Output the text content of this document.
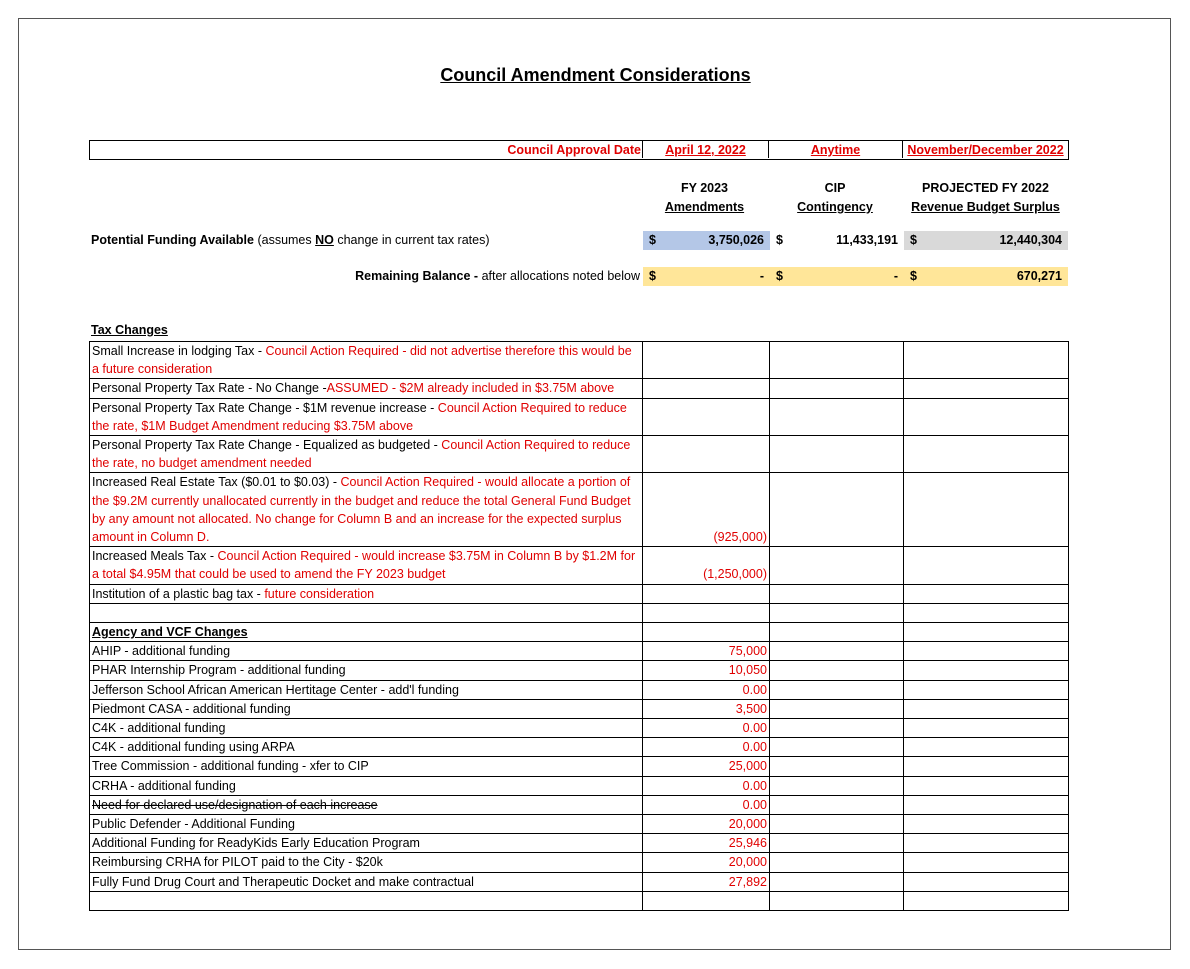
Council Amendment Considerations
Council Approval Date	April 12, 2022	Anytime	November/December 2022
FY 2023
Amendments
CIP
Contingency
PROJECTED FY 2022
Revenue Budget Surplus
Potential Funding Available (assumes NO change in current tax rates)	$	3,750,026 $	11,433,191 $	12,440,304
Remaining Balance - after allocations noted below $	- $	- $	670,271
Tax Changes
Small Increase in lodging Tax - Council Action Required - did not advertise therefore this would be a future consideration			
Personal Property Tax Rate - No Change -ASSUMED - $2M already included in $3.75M above			
Personal Property Tax Rate Change - $1M revenue increase - Council Action Required to reduce the rate, $1M Budget Amendment reducing $3.75M above			
Personal Property Tax Rate Change - Equalized as budgeted - Council Action Required to reduce the rate, no budget amendment needed			
Increased Real Estate Tax ($0.01 to $0.03) - Council Action Required - would allocate a portion of the $9.2M currently unallocated currently in the budget and reduce the total General Fund Budget by any amount not allocated. No change for Column B and an increase for the expected surplus amount in Column D.	(925,000)		
Increased Meals Tax - Council Action Required - would increase $3.75M in Column B by $1.2M for a total $4.95M that could be used to amend the FY 2023 budget	(1,250,000)		
Institution of a plastic bag tax - future consideration			

Agency and VCF Changes			
AHIP - additional funding	75,000		
PHAR Internship Program - additional funding	10,050		
Jefferson School African American Hertitage Center - add'l funding	0.00		
Piedmont CASA - additional funding	3,500		
C4K - additional funding	0.00		
C4K - additional funding using ARPA	0.00		
Tree Commission - additional funding - xfer to CIP	25,000		
CRHA - additional funding	0.00		
Need for declared use/designation of each increase	0.00		
Public Defender - Additional Funding	20,000		
Additional Funding for ReadyKids Early Education Program	25,946		
Reimbursing CRHA for PILOT paid to the City - $20k	20,000		
Fully Fund Drug Court and Therapeutic Docket and make contractual	27,892		
